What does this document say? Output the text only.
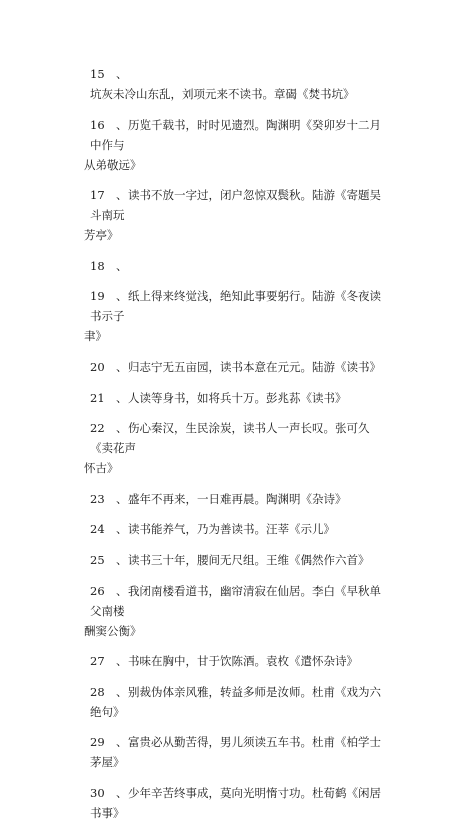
15 、坑灰未冷山东乱，刘项元来不读书。章碣《焚书坑》
16 、历览千载书，时时见遗烈。陶渊明《癸卯岁十二月中作与
从弟敬远》
17 、读书不放一字过，闭户忽惊双鬓秋。陆游《寄题吴斗南玩
芳亭》
18 、
19 、纸上得来终觉浅，绝知此事要躬行。陆游《冬夜读书示子
聿》
20 、归志宁无五亩园，读书本意在元元。陆游《读书》
21 、人读等身书，如将兵十万。彭兆荪《读书》
22 、伤心秦汉，生民涂炭，读书人一声长叹。张可久《卖花声
怀古》
23 、盛年不再来，一日难再晨。陶渊明《杂诗》
24 、读书能养气，乃为善读书。汪莘《示儿》
25 、读书三十年，腰间无尺组。王维《偶然作六首》
26 、我闭南楼看道书，幽帘清寂在仙居。李白《早秋单父南楼
酬窦公衡》
27 、书味在胸中，甘于饮陈酒。袁枚《遣怀杂诗》
28 、别裁伪体亲风雅，转益多师是汝师。杜甫《戏为六绝句》
29 、富贵必从勤苦得，男儿须读五车书。杜甫《柏学士茅屋》
30 、少年辛苦终事成，莫向光明惰寸功。杜荀鹤《闲居书事》
